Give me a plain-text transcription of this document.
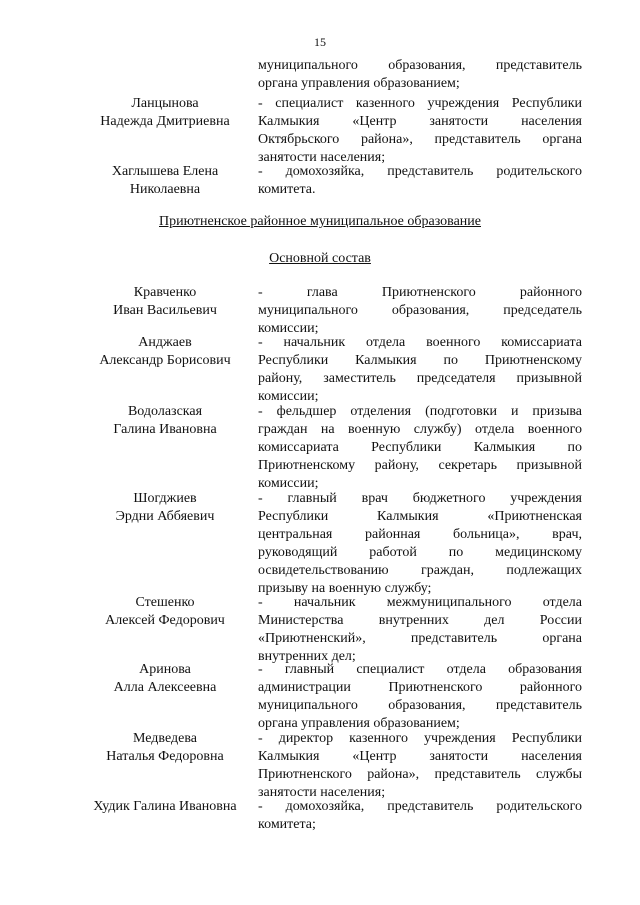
15
муниципального образования, представитель
органа управления образованием;
Ланцынова
Надежда Дмитриевна
- специалист казенного учреждения Республики
Калмыкия «Центр занятости населения
Октябрьского района», представитель органа
занятости населения;
Хаглышева Елена
Николаевна
- домохозяйка, представитель родительского
комитета.
Приютненское районное муниципальное образование
Основной состав
Кравченко
Иван Васильевич
- глава Приютненского районного
муниципального образования, председатель
комиссии;
Анджаев
Александр Борисович
- начальник отдела военного комиссариата
Республики Калмыкия по Приютненскому
району, заместитель председателя призывной
комиссии;
Водолазская
Галина Ивановна
- фельдшер отделения (подготовки и призыва
граждан на военную службу) отдела военного
комиссариата Республики Калмыкия по
Приютненскому району, секретарь призывной
комиссии;
Шогджиев
Эрдни Аббяевич
- главный врач бюджетного учреждения
Республики Калмыкия «Приютненская
центральная районная больница», врач,
руководящий работой по медицинскому
освидетельствованию граждан, подлежащих
призыву на военную службу;
Стешенко
Алексей Федорович
- начальник межмуниципального отдела
Министерства внутренних дел России
«Приютненский», представитель органа
внутренних дел;
Аринова
Алла Алексеевна
- главный специалист отдела образования
администрации Приютненского районного
муниципального образования, представитель
органа управления образованием;
Медведева
Наталья Федоровна
- директор казенного учреждения Республики
Калмыкия «Центр занятости населения
Приютненского района», представитель службы
занятости населения;
Худик Галина Ивановна	- домохозяйка, представитель родительского
комитета;
